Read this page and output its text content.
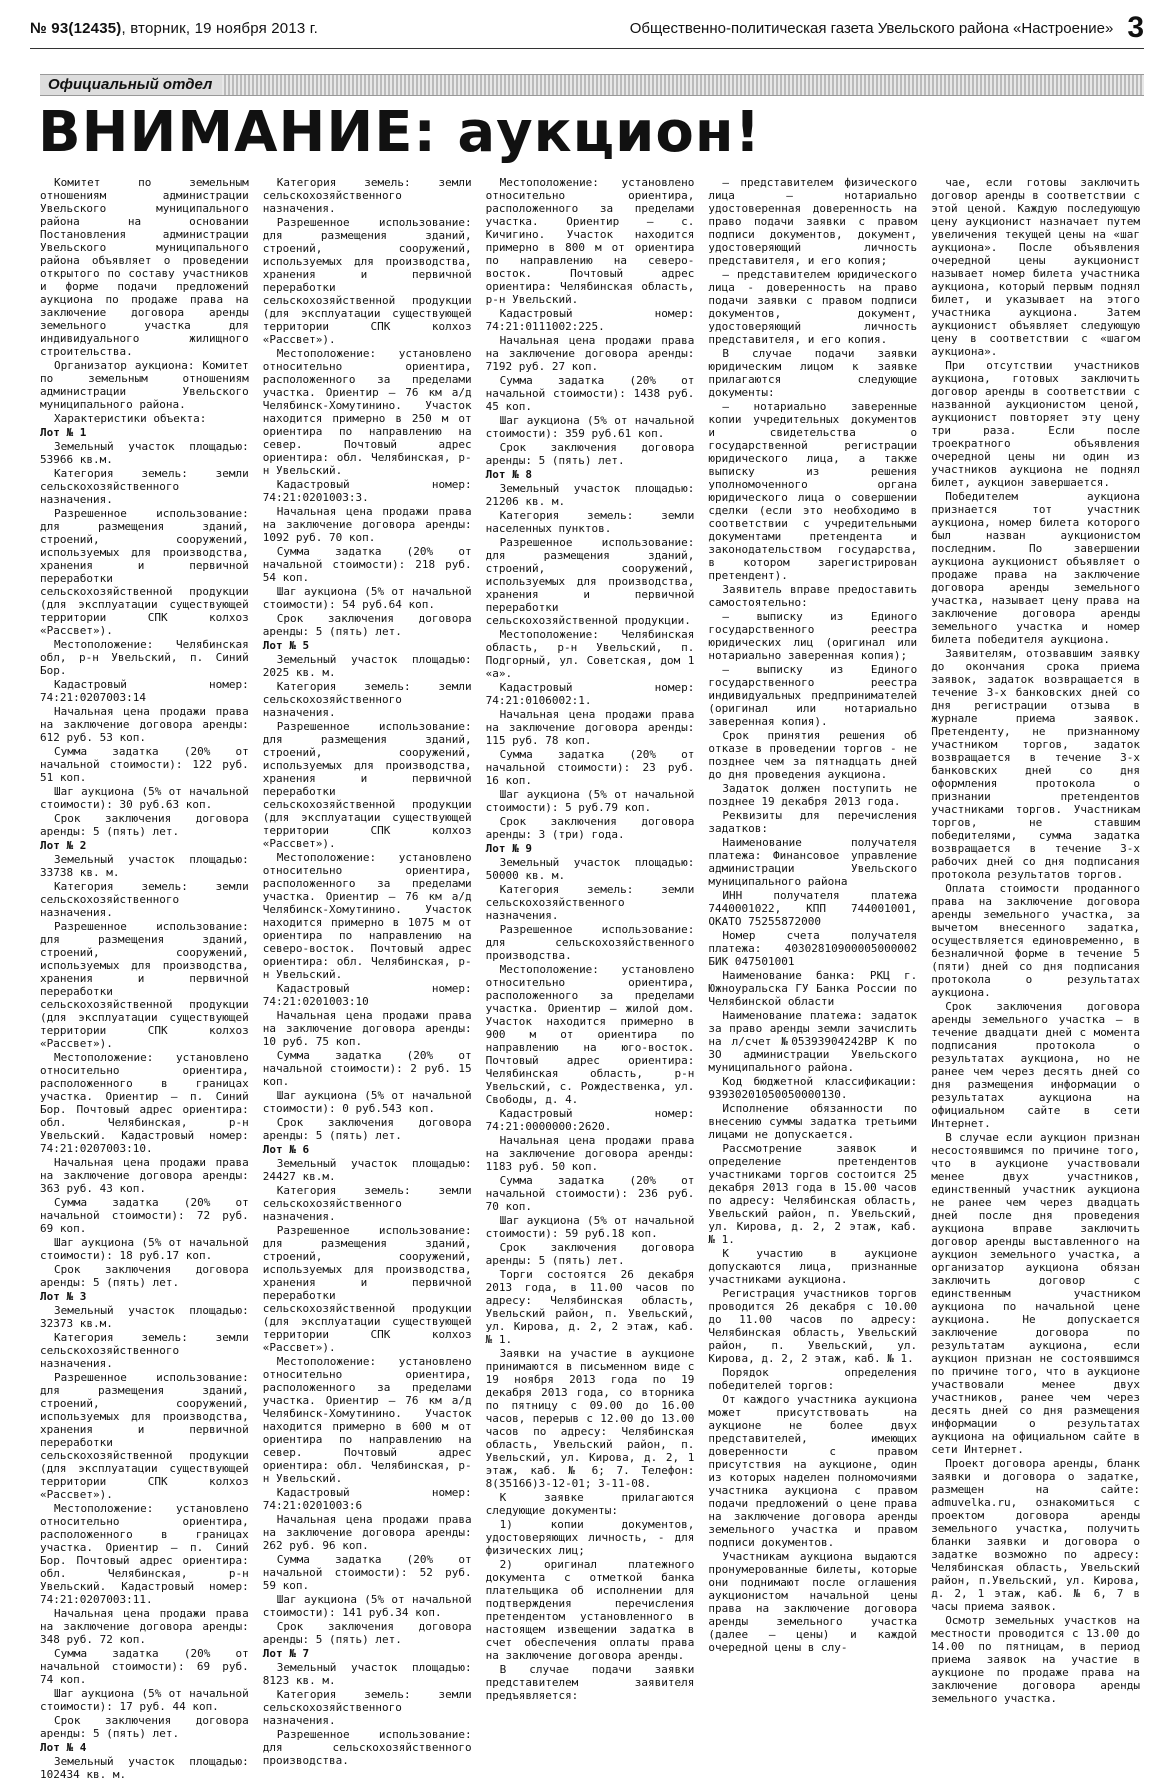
№ 93(12435), вторник, 19 ноября 2013 г.	Общественно-политическая газета Увельского района «Настроение» 3
Официальный отдел
ВНИМАНИЕ: аукцион!

Комитет по земельным отношениям администрации Увельского муниципального района на основании Постановления администрации Увельского муниципального района объявляет о проведении открытого по составу участников и форме подачи предложений аукциона по продаже права на заключение договора аренды земельного участка для индивидуального жилищного строительства.

Организатор аукциона: Комитет по земельным отношениям администрации Увельского муниципального района.

Характеристики объекта:

Лот № 1

Земельный участок площадью: 53966 кв.м.

Категория земель: земли сельскохозяйственного назначения.

Разрешенное использование: для размещения зданий, строений, сооружений, используемых для производства, хранения и первичной переработки сельскохозяйственной продукции (для эксплуатации существующей территории СПК колхоз «Рассвет»).

Местоположение: Челябинская обл, р-н Увельский, п. Синий Бор.

Кадастровый номер: 74:21:0207003:14

Начальная цена продажи права на заключение договора аренды: 612 руб. 53 коп.

Сумма задатка (20% от начальной стоимости): 122 руб. 51 коп.

Шаг аукциона (5% от начальной стоимости): 30 руб.63 коп.

Срок заключения договора аренды: 5 (пять) лет.

Лот № 2

Земельный участок площадью: 33738 кв. м.

Категория земель: земли сельскохозяйственного назначения.

Разрешенное использование: для размещения зданий, строений, сооружений, используемых для производства, хранения и первичной переработки сельскохозяйственной продукции (для эксплуатации существующей территории СПК колхоз «Рассвет»).

Местоположение: установлено относительно ориентира, расположенного в границах участка. Ориентир – п. Синий Бор. Почтовый адрес ориентира: обл. Челябинская, р-н Увельский. Кадастровый номер: 74:21:0207003:10.

Начальная цена продажи права на заключение договора аренды: 363 руб. 43 коп.

Сумма задатка (20% от начальной стоимости): 72 руб. 69 коп.

Шаг аукциона (5% от начальной стоимости): 18 руб.17 коп.

Срок заключения договора аренды: 5 (пять) лет.

Лот № 3

Земельный участок площадью: 32373 кв.м.

Категория земель: земли сельскохозяйственного назначения.

Разрешенное использование: для размещения зданий, строений, сооружений, используемых для производства, хранения и первичной переработки сельскохозяйственной продукции (для эксплуатации существующей территории СПК колхоз «Рассвет»).

Местоположение: установлено относительно ориентира, расположенного в границах участка. Ориентир – п. Синий Бор. Почтовый адрес ориентира: обл. Челябинская, р-н Увельский. Кадастровый номер: 74:21:0207003:11.

Начальная цена продажи права на заключение договора аренды: 348 руб. 72 коп.

Сумма задатка (20% от начальной стоимости): 69 руб. 74 коп.

Шаг аукциона (5% от начальной стоимости): 17 руб. 44 коп.

Срок заключения договора аренды: 5 (пять) лет.

Лот № 4

Земельный участок площадью: 102434 кв. м.

Категория земель: земли сельскохозяйственного назначения.

Разрешенное использование: для размещения зданий, строений, сооружений, используемых для производства, хранения и первичной переработки сельскохозяйственной продукции (для эксплуатации существующей территории СПК колхоз «Рассвет»).

Местоположение: установлено относительно ориентира, расположенного за пределами участка. Ориентир – 76 км а/д Челябинск-Хомутинино. Участок находится примерно в 250 м от ориентира по направлению на север. Почтовый адрес ориентира: обл. Челябинская, р-н Увельский.

Кадастровый номер: 74:21:0201003:3.

Начальная цена продажи права на заключение договора аренды: 1092 руб. 70 коп.

Сумма задатка (20% от начальной стоимости): 218 руб. 54 коп.

Шаг аукциона (5% от начальной стоимости): 54 руб.64 коп.

Срок заключения договора аренды: 5 (пять) лет.

Лот № 5

Земельный участок площадью: 2025 кв. м.

Категория земель: земли сельскохозяйственного назначения.

Разрешенное использование: для размещения зданий, строений, сооружений, используемых для производства, хранения и первичной переработки сельскохозяйственной продукции (для эксплуатации существующей территории СПК колхоз «Рассвет»).

Местоположение: установлено относительно ориентира, расположенного за пределами участка. Ориентир – 76 км а/д Челябинск-Хомутинино. Участок находится примерно в 1075 м от ориентира по направлению на северо-восток. Почтовый адрес ориентира: обл. Челябинская, р-н Увельский.

Кадастровый номер: 74:21:0201003:10

Начальная цена продажи права на заключение договора аренды: 10 руб. 75 коп.

Сумма задатка (20% от начальной стоимости): 2 руб. 15 коп.

Шаг аукциона (5% от начальной стоимости): 0 руб.543 коп.

Срок заключения договора аренды: 5 (пять) лет.

Лот № 6

Земельный участок площадью: 24427 кв.м.

Категория земель: земли сельскохозяйственного назначения.

Разрешенное использование: для размещения зданий, строений, сооружений, используемых для производства, хранения и первичной переработки сельскохозяйственной продукции (для эксплуатации существующей территории СПК колхоз «Рассвет»).

Местоположение: установлено относительно ориентира, расположенного за пределами участка. Ориентир – 76 км а/д Челябинск-Хомутинино. Участок находится примерно в 600 м от ориентира по направлению на север. Почтовый адрес ориентира: обл. Челябинская, р-н Увельский.

Кадастровый номер: 74:21:0201003:6

Начальная цена продажи права на заключение договора аренды: 262 руб. 96 коп.

Сумма задатка (20% от начальной стоимости): 52 руб. 59 коп.

Шаг аукциона (5% от начальной стоимости): 141 руб.34 коп.

Срок заключения договора аренды: 5 (пять) лет.

Лот № 7

Земельный участок площадью: 8123 кв. м.

Категория земель: земли сельскохозяйственного назначения.

Разрешенное использование: для сельскохозяйственного производства.

Местоположение: установлено относительно ориентира, расположенного за пределами участка. Ориентир – с. Кичигино. Участок находится примерно в 800 м от ориентира по направлению на северо-восток. Почтовый адрес ориентира: Челябинская область, р-н Увельский.

Кадастровый номер: 74:21:0111002:225.

Начальная цена продажи права на заключение договора аренды: 7192 руб. 27 коп.

Сумма задатка (20% от начальной стоимости): 1438 руб. 45 коп.

Шаг аукциона (5% от начальной стоимости): 359 руб.61 коп.

Срок заключения договора аренды: 5 (пять) лет.

Лот № 8

Земельный участок площадью: 21206 кв. м.

Категория земель: земли населенных пунктов.

Разрешенное использование: для размещения зданий, строений, сооружений, используемых для производства, хранения и первичной переработки сельскохозяйственной продукции.

Местоположение: Челябинская область, р-н Увельский, п. Подгорный, ул. Советская, дом 1 «а».

Кадастровый номер: 74:21:0106002:1.

Начальная цена продажи права на заключение договора аренды: 115 руб. 78 коп.

Сумма задатка (20% от начальной стоимости): 23 руб. 16 коп.

Шаг аукциона (5% от начальной стоимости): 5 руб.79 коп.

Срок заключения договора аренды: 3 (три) года.

Лот № 9

Земельный участок площадью: 50000 кв. м.

Категория земель: земли сельскохозяйственного назначения.

Разрешенное использование: для сельскохозяйственного производства.

Местоположение: установлено относительно ориентира, расположенного за пределами участка. Ориентир – жилой дом. Участок находится примерно в 900 м от ориентира по направлению на юго-восток. Почтовый адрес ориентира: Челябинская область, р-н Увельский, с. Рождественка, ул. Свободы, д. 4.

Кадастровый номер: 74:21:0000000:2620.

Начальная цена продажи права на заключение договора аренды: 1183 руб. 50 коп.

Сумма задатка (20% от начальной стоимости): 236 руб. 70 коп.

Шаг аукциона (5% от начальной стоимости): 59 руб.18 коп.

Срок заключения договора аренды: 5 (пять) лет.

Торги состоятся 26 декабря 2013 года, в 11.00 часов по адресу: Челябинская область, Увельский район, п. Увельский, ул. Кирова, д. 2, 2 этаж, каб. № 1.

Заявки на участие в аукционе принимаются в письменном виде с 19 ноября 2013 года по 19 декабря 2013 года, со вторника по пятницу с 09.00 до 16.00 часов, перерыв с 12.00 до 13.00 часов по адресу: Челябинская область, Увельский район, п. Увельский, ул. Кирова, д. 2, 1 этаж, каб. № 6; 7. Телефон: 8(35166)3-12-01; 3-11-08.

К заявке прилагаются следующие документы:

1) копии документов, удостоверяющих личность, - для физических лиц;

2) оригинал платежного документа с отметкой банка плательщика об исполнении для подтверждения перечисления претендентом установленного в настоящем извещении задатка в счет обеспечения оплаты права на заключение договора аренды.

В случае подачи заявки представителем заявителя предъявляется:

– представителем физического лица – нотариально удостоверенная доверенность на право подачи заявки с правом подписи документов, документ, удостоверяющий личность представителя, и его копия;

– представителем юридического лица - доверенность на право подачи заявки с правом подписи документов, документ, удостоверяющий личность представителя, и его копия.

В случае подачи заявки юридическим лицом к заявке прилагаются следующие документы:

– нотариально заверенные копии учредительных документов и свидетельства о государственной регистрации юридического лица, а также выписку из решения уполномоченного органа юридического лица о совершении сделки (если это необходимо в соответствии с учредительными документами претендента и законодательством государства, в котором зарегистрирован претендент).

Заявитель вправе предоставить самостоятельно:

– выписку из Единого государственного реестра юридических лиц (оригинал или нотариально заверенная копия);

– выписку из Единого государственного реестра индивидуальных предпринимателей (оригинал или нотариально заверенная копия).

Срок принятия решения об отказе в проведении торгов - не позднее чем за пятнадцать дней до дня проведения аукциона.

Задаток должен поступить не позднее 19 декабря 2013 года.

Реквизиты для перечисления задатков:

Наименование получателя платежа: Финансовое управление администрации Увельского муниципального района

ИНН получателя платежа 7440001022, КПП 744001001, ОКАТО 75255872000

Номер счета получателя платежа: 40302810900005000002 БИК 047501001

Наименование банка: РКЦ г. Южноуральска ГУ Банка России по Челябинской области

Наименование платежа: задаток за право аренды земли зачислить на л/счет №05393904242ВР К по ЗО администрации Увельского муниципального района.

Код бюджетной классификации: 93930201050050000130.

Исполнение обязанности по внесению суммы задатка третьими лицами не допускается.

Рассмотрение заявок и определение претендентов участниками торгов состоится 25 декабря 2013 года в 15.00 часов по адресу: Челябинская область, Увельский район, п. Увельский, ул. Кирова, д. 2, 2 этаж, каб. № 1.

К участию в аукционе допускаются лица, признанные участниками аукциона.

Регистрация участников торгов проводится 26 декабря с 10.00 до 11.00 часов по адресу: Челябинская область, Увельский район, п. Увельский, ул. Кирова, д. 2, 2 этаж, каб. № 1.

Порядок определения победителей торгов:

От каждого участника аукциона может присутствовать на аукционе не более двух представителей, имеющих доверенности с правом присутствия на аукционе, один из которых наделен полномочиями участника аукциона с правом подачи предложений о цене права на заключение договора аренды земельного участка и правом подписи документов.

Участникам аукциона выдаются пронумерованные билеты, которые они поднимают после оглашения аукционистом начальной цены права на заключение договора аренды земельного участка (далее – цены) и каждой очередной цены в слу-

чае, если готовы заключить договор аренды в соответствии с этой ценой. Каждую последующую цену аукционист назначает путем увеличения текущей цены на «шаг аукциона». После объявления очередной цены аукционист называет номер билета участника аукциона, который первым поднял билет, и указывает на этого участника аукциона. Затем аукционист объявляет следующую цену в соответствии с «шагом аукциона».

При отсутствии участников аукциона, готовых заключить договор аренды в соответствии с названной аукционистом ценой, аукционист повторяет эту цену три раза. Если после троекратного объявления очередной цены ни один из участников аукциона не поднял билет, аукцион завершается.

Победителем аукциона признается тот участник аукциона, номер билета которого был назван аукционистом последним. По завершении аукциона аукционист объявляет о продаже права на заключение договора аренды земельного участка, называет цену права на заключение договора аренды земельного участка и номер билета победителя аукциона.

Заявителям, отозвавшим заявку до окончания срока приема заявок, задаток возвращается в течение 3-х банковских дней со дня регистрации отзыва в журнале приема заявок. Претенденту, не признанному участником торгов, задаток возвращается в течение 3-х банковских дней со дня оформления протокола о признании претендентов участниками торгов. Участникам торгов, не ставшим победителями, сумма задатка возвращается в течение 3-х рабочих дней со дня подписания протокола результатов торгов.

Оплата стоимости проданного права на заключение договора аренды земельного участка, за вычетом внесенного задатка, осуществляется единовременно, в безналичной форме в течение 5 (пяти) дней со дня подписания протокола о результатах аукциона.

Срок заключения договора аренды земельного участка – в течение двадцати дней с момента подписания протокола о результатах аукциона, но не ранее чем через десять дней со дня размещения информации о результатах аукциона на официальном сайте в сети Интернет.

В случае если аукцион признан несостоявшимся по причине того, что в аукционе участвовали менее двух участников, единственный участник аукциона не ранее чем через двадцать дней после дня проведения аукциона вправе заключить договор аренды выставленного на аукцион земельного участка, а организатор аукциона обязан заключить договор с единственным участником аукциона по начальной цене аукциона. Не допускается заключение договора по результатам аукциона, если аукцион признан не состоявшимся по причине того, что в аукционе участвовали менее двух участников, ранее чем через десять дней со дня размещения информации о результатах аукциона на официальном сайте в сети Интернет.

Проект договора аренды, бланк заявки и договора о задатке, размещен на сайте: admuvelka.ru, ознакомиться с проектом договора аренды земельного участка, получить бланки заявки и договора о задатке возможно по адресу: Челябинская область, Увельский район, п.Увельский, ул. Кирова, д. 2, 1 этаж, каб. № 6, 7 в часы приема заявок.

Осмотр земельных участков на местности проводится с 13.00 до 14.00 по пятницам, в период приема заявок на участие в аукционе по продаже права на заключение договора аренды земельного участка.
